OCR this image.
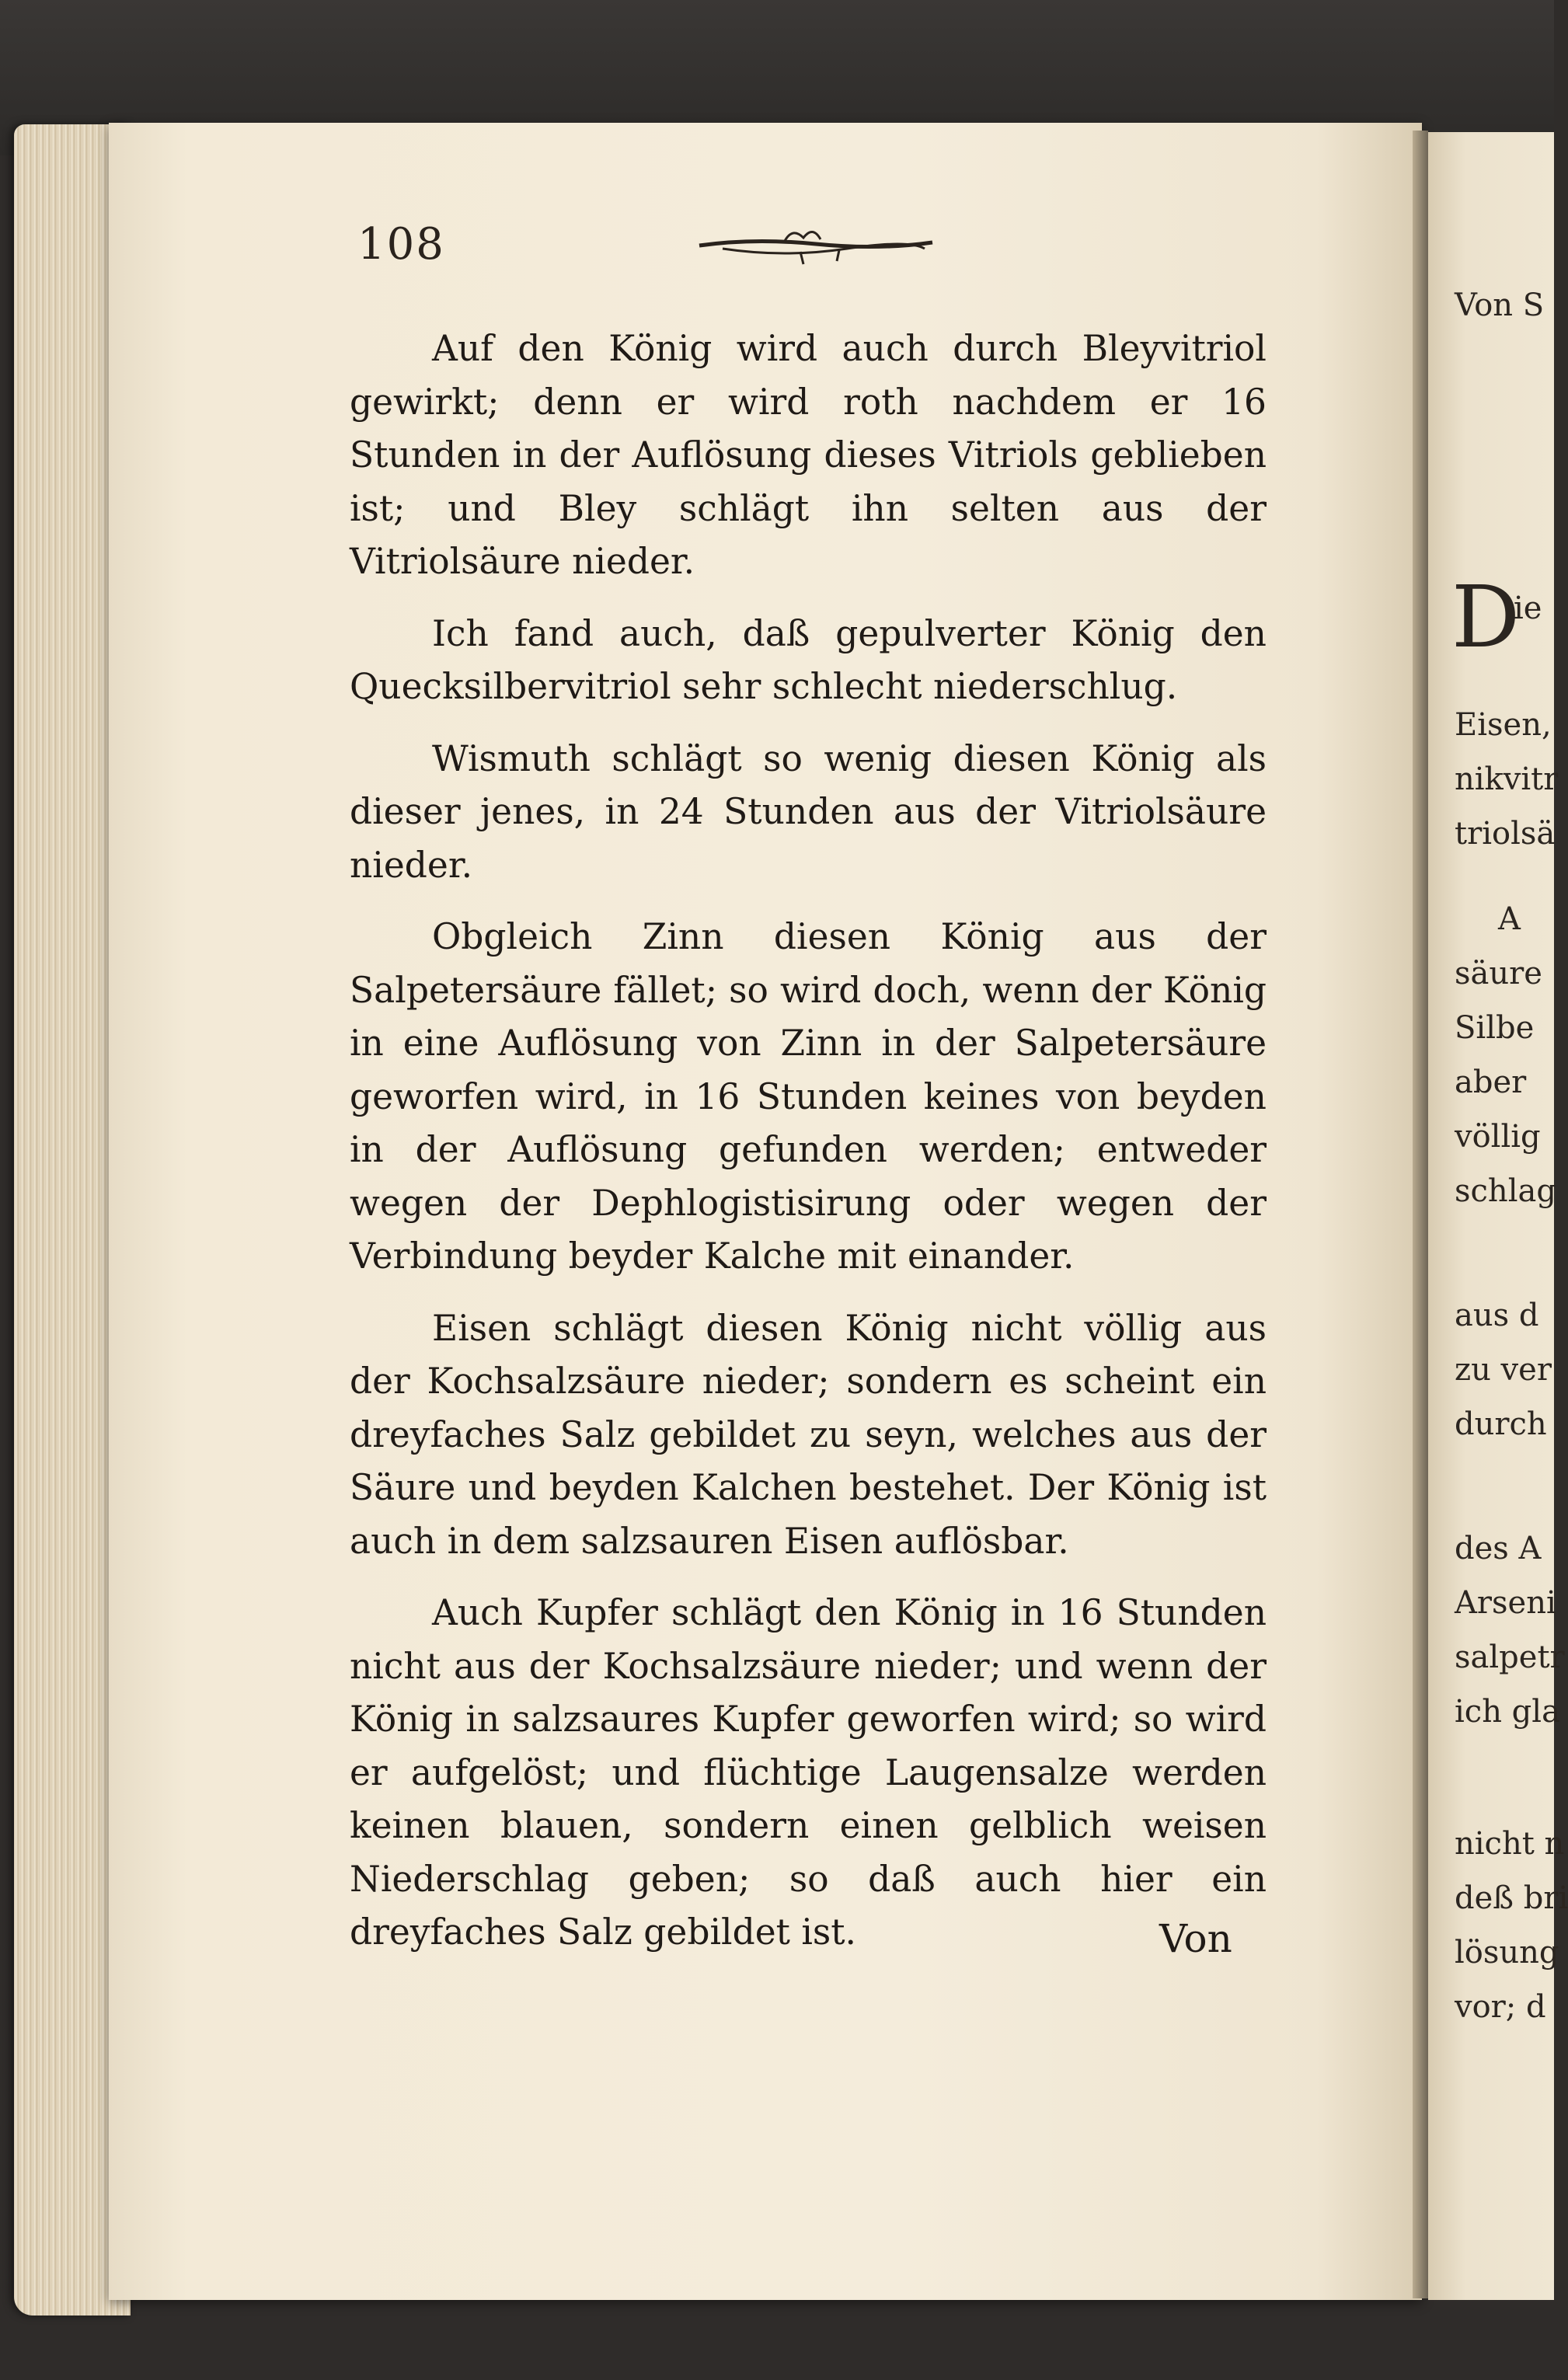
Von S
D
ie
Eisen,
nikvitr
triolsä
A
säure
Silbe
aber
völlig
schlag
aus d
zu ver
durch
des A
Arseni
salpetr
ich gla
nicht n
deß bri
lösung
vor; d
108

Auf den König wird auch durch Bleyvitriol gewirkt; denn er wird roth nachdem er 16 Stunden in der Auflösung dieses Vitriols geblieben ist; und Bley schlägt ihn selten aus der Vitriolsäure nieder.

Ich fand auch, daß gepulverter König den Quecksilbervitriol sehr schlecht niederschlug.

Wismuth schlägt so wenig diesen König als dieser jenes, in 24 Stunden aus der Vitriolsäure nieder.

Obgleich Zinn diesen König aus der Salpetersäure fället; so wird doch, wenn der König in eine Auflösung von Zinn in der Salpetersäure geworfen wird, in 16 Stunden keines von beyden in der Auflösung gefunden werden; entweder wegen der Dephlogistisirung oder wegen der Verbindung beyder Kalche mit einander.

Eisen schlägt diesen König nicht völlig aus der Kochsalzsäure nieder; sondern es scheint ein dreyfaches Salz gebildet zu seyn, welches aus der Säure und beyden Kalchen bestehet. Der König ist auch in dem salzsauren Eisen auflösbar.

Auch Kupfer schlägt den König in 16 Stunden nicht aus der Kochsalzsäure nieder; und wenn der König in salzsaures Kupfer geworfen wird; so wird er aufgelöst; und flüchtige Laugensalze werden keinen blauen, sondern einen gelblich weisen Niederschlag geben; so daß auch hier ein dreyfaches Salz gebildet ist.	Von
